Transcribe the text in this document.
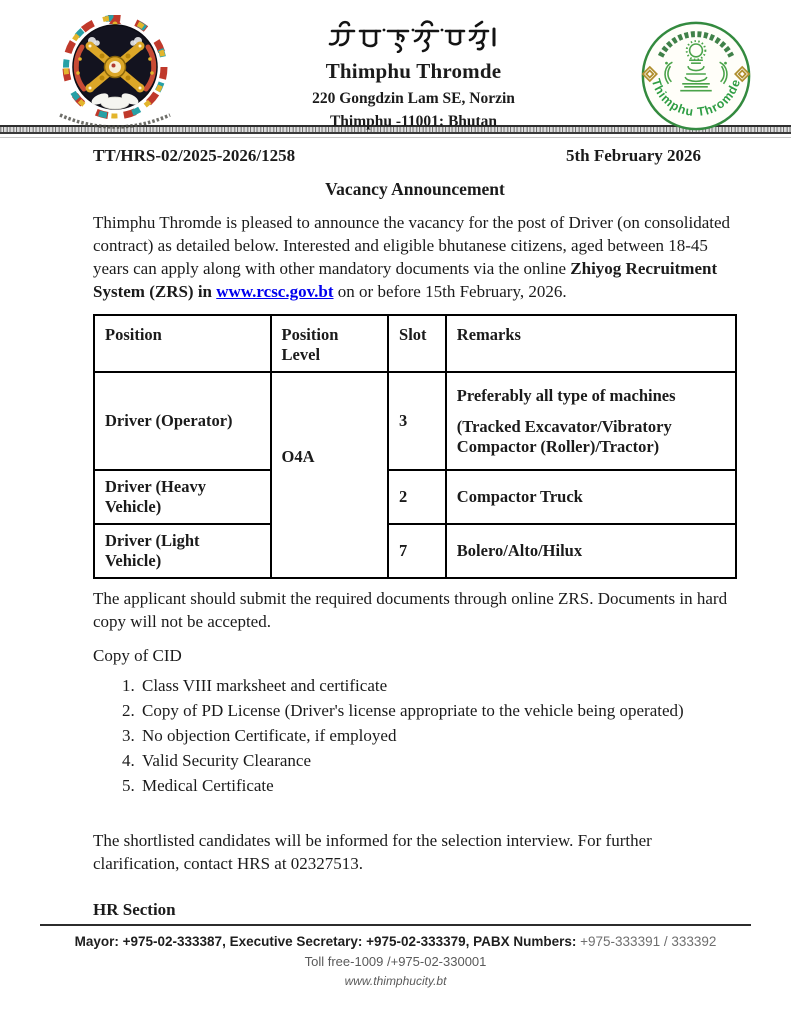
Thimphu Thromde
220 Gongdzin Lam SE, Norzin
Thimphu -11001: Bhutan
Thimphu Thromde
TT/HRS-02/2025-2026/1258	5th February 2026
Vacancy Announcement

Thimphu Thromde is pleased to announce the vacancy for the post of Driver (on consolidated contract) as detailed below. Interested and eligible bhutanese citizens, aged between 18-45 years can apply along with other mandatory documents via the online Zhiyog Recruitment System (ZRS) in www.rcsc.gov.bt on or before 15th February, 2026.

Position	Position Level	Slot	Remarks
Driver (Operator)	O4A	3	Preferably all type of machines

(Tracked Excavator/Vibratory Compactor (Roller)/Tractor)

Driver (Heavy Vehicle)		2	Compactor Truck

Driver (Light Vehicle)		7	Bolero/Alto/Hilux

The applicant should submit the required documents through online ZRS. Documents in hard copy will not be accepted.

Copy of CID
1. Class VIII marksheet and certificate
2. Copy of PD License (Driver's license appropriate to the vehicle being operated)
3. No objection Certificate, if employed
4. Valid Security Clearance
5. Medical Certificate

The shortlisted candidates will be informed for the selection interview. For further clarification, contact HRS at 02327513.

HR Section
Mayor: +975-02-333387, Executive Secretary: +975-02-333379, PABX Numbers: +975-333391 / 333392
Toll free-1009 /+975-02-330001
www.thimphucity.bt
